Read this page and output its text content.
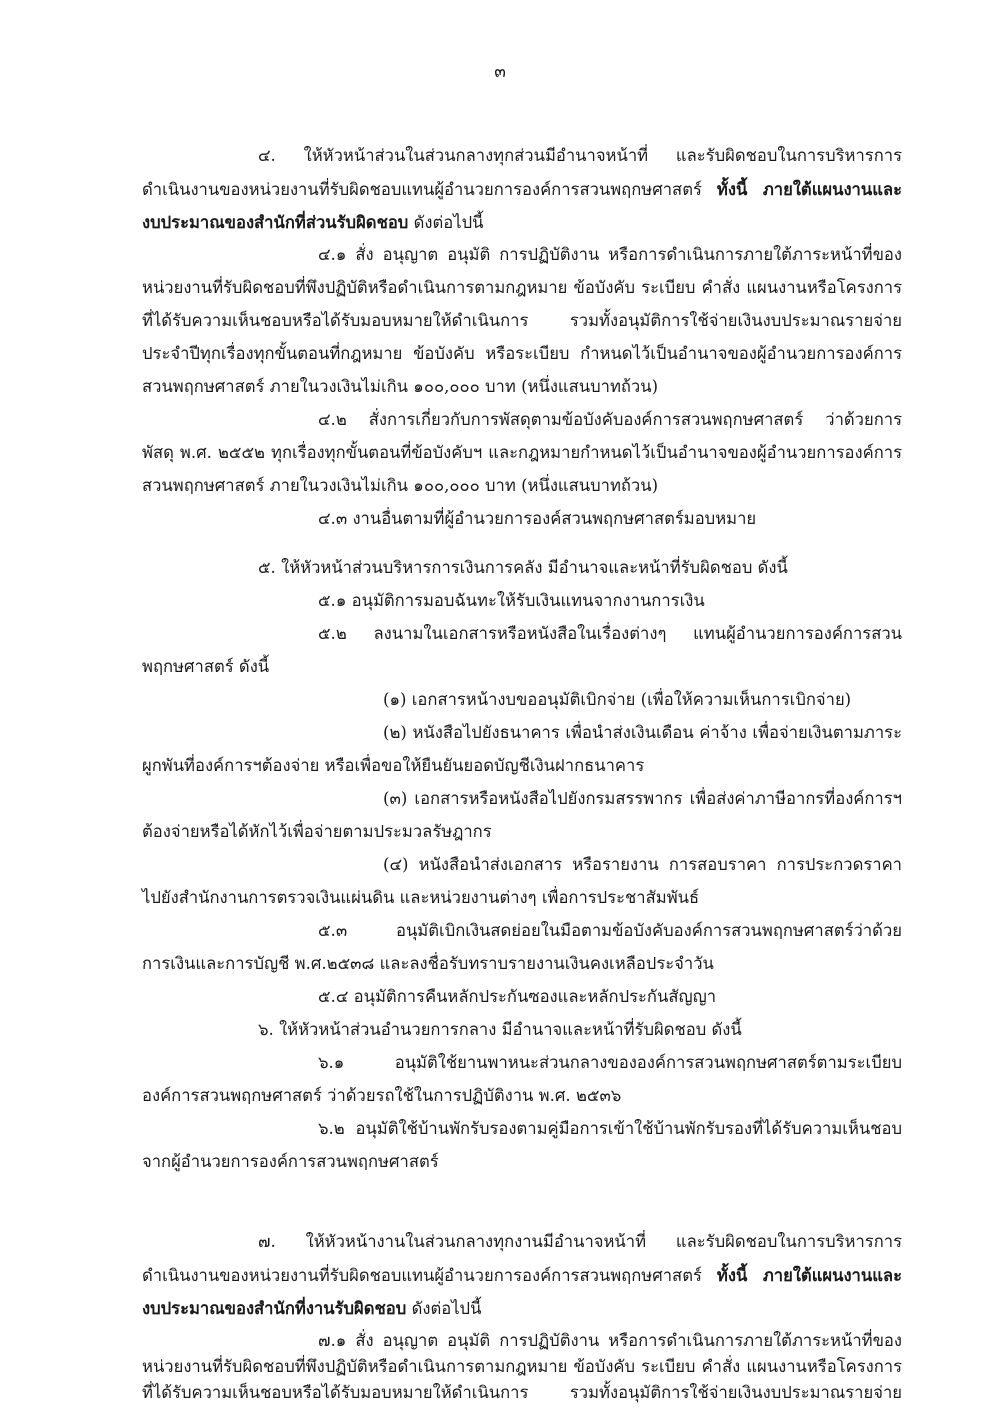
๓
๔. ให้หัวหน้าส่วนในส่วนกลางทุกส่วนมีอำนาจหน้าที่ และรับผิดชอบในการบริหารการ
ดำเนินงานของหน่วยงานที่รับผิดชอบแทนผู้อำนวยการองค์การสวนพฤกษศาสตร์ ทั้งนี้ ภายใต้แผนงานและ
งบประมาณของสำนักที่ส่วนรับผิดชอบ ดังต่อไปนี้
๔.๑ สั่ง อนุญาต อนุมัติ การปฏิบัติงาน หรือการดำเนินการภายใต้ภาระหน้าที่ของ
หน่วยงานที่รับผิดชอบที่พึงปฏิบัติหรือดำเนินการตามกฎหมาย ข้อบังคับ ระเบียบ คำสั่ง แผนงานหรือโครงการ
ที่ได้รับความเห็นชอบหรือได้รับมอบหมายให้ดำเนินการ รวมทั้งอนุมัติการใช้จ่ายเงินงบประมาณรายจ่าย
ประจำปีทุกเรื่องทุกขั้นตอนที่กฎหมาย ข้อบังคับ หรือระเบียบ กำหนดไว้เป็นอำนาจของผู้อำนวยการองค์การ
สวนพฤกษศาสตร์ ภายในวงเงินไม่เกิน ๑๐๐,๐๐๐ บาท (หนึ่งแสนบาทถ้วน)
๔.๒ สั่งการเกี่ยวกับการพัสดุตามข้อบังคับองค์การสวนพฤกษศาสตร์ ว่าด้วยการ
พัสดุ พ.ศ. ๒๕๕๒ ทุกเรื่องทุกขั้นตอนที่ข้อบังคับฯ และกฎหมายกำหนดไว้เป็นอำนาจของผู้อำนวยการองค์การ
สวนพฤกษศาสตร์ ภายในวงเงินไม่เกิน ๑๐๐,๐๐๐ บาท (หนึ่งแสนบาทถ้วน)
๔.๓ งานอื่นตามที่ผู้อำนวยการองค์สวนพฤกษศาสตร์มอบหมาย
๕. ให้หัวหน้าส่วนบริหารการเงินการคลัง มีอำนาจและหน้าที่รับผิดชอบ ดังนี้
๕.๑ อนุมัติการมอบฉันทะให้รับเงินแทนจากงานการเงิน
๕.๒ ลงนามในเอกสารหรือหนังสือในเรื่องต่างๆ แทนผู้อำนวยการองค์การสวน
พฤกษศาสตร์ ดังนี้
(๑) เอกสารหน้างบขออนุมัติเบิกจ่าย (เพื่อให้ความเห็นการเบิกจ่าย)
(๒) หนังสือไปยังธนาคาร เพื่อนำส่งเงินเดือน ค่าจ้าง เพื่อจ่ายเงินตามภาระ
ผูกพันที่องค์การฯต้องจ่าย หรือเพื่อขอให้ยืนยันยอดบัญชีเงินฝากธนาคาร
(๓) เอกสารหรือหนังสือไปยังกรมสรรพากร เพื่อส่งค่าภาษีอากรที่องค์การฯ
ต้องจ่ายหรือได้หักไว้เพื่อจ่ายตามประมวลรัษฎากร
(๔) หนังสือนำส่งเอกสาร หรือรายงาน การสอบราคา การประกวดราคา
ไปยังสำนักงานการตรวจเงินแผ่นดิน และหน่วยงานต่างๆ เพื่อการประชาสัมพันธ์
๕.๓ อนุมัติเบิกเงินสดย่อยในมือตามข้อบังคับองค์การสวนพฤกษศาสตร์ว่าด้วย
การเงินและการบัญชี พ.ศ.๒๕๓๘ และลงชื่อรับทราบรายงานเงินคงเหลือประจำวัน
๕.๔ อนุมัติการคืนหลักประกันซองและหลักประกันสัญญา
๖. ให้หัวหน้าส่วนอำนวยการกลาง มีอำนาจและหน้าที่รับผิดชอบ ดังนี้
๖.๑ อนุมัติใช้ยานพาหนะส่วนกลางขององค์การสวนพฤกษศาสตร์ตามระเบียบ
องค์การสวนพฤกษศาสตร์ ว่าด้วยรถใช้ในการปฏิบัติงาน พ.ศ. ๒๕๓๖
๖.๒ อนุมัติใช้บ้านพักรับรองตามคู่มือการเข้าใช้บ้านพักรับรองที่ได้รับความเห็นชอบ
จากผู้อำนวยการองค์การสวนพฤกษศาสตร์
๗. ให้หัวหน้างานในส่วนกลางทุกงานมีอำนาจหน้าที่ และรับผิดชอบในการบริหารการ
ดำเนินงานของหน่วยงานที่รับผิดชอบแทนผู้อำนวยการองค์การสวนพฤกษศาสตร์ ทั้งนี้ ภายใต้แผนงานและ
งบประมาณของสำนักที่งานรับผิดชอบ ดังต่อไปนี้
๗.๑ สั่ง อนุญาต อนุมัติ การปฏิบัติงาน หรือการดำเนินการภายใต้ภาระหน้าที่ของ
หน่วยงานที่รับผิดชอบที่พึงปฏิบัติหรือดำเนินการตามกฎหมาย ข้อบังคับ ระเบียบ คำสั่ง แผนงานหรือโครงการ
ที่ได้รับความเห็นชอบหรือได้รับมอบหมายให้ดำเนินการ รวมทั้งอนุมัติการใช้จ่ายเงินงบประมาณรายจ่าย
